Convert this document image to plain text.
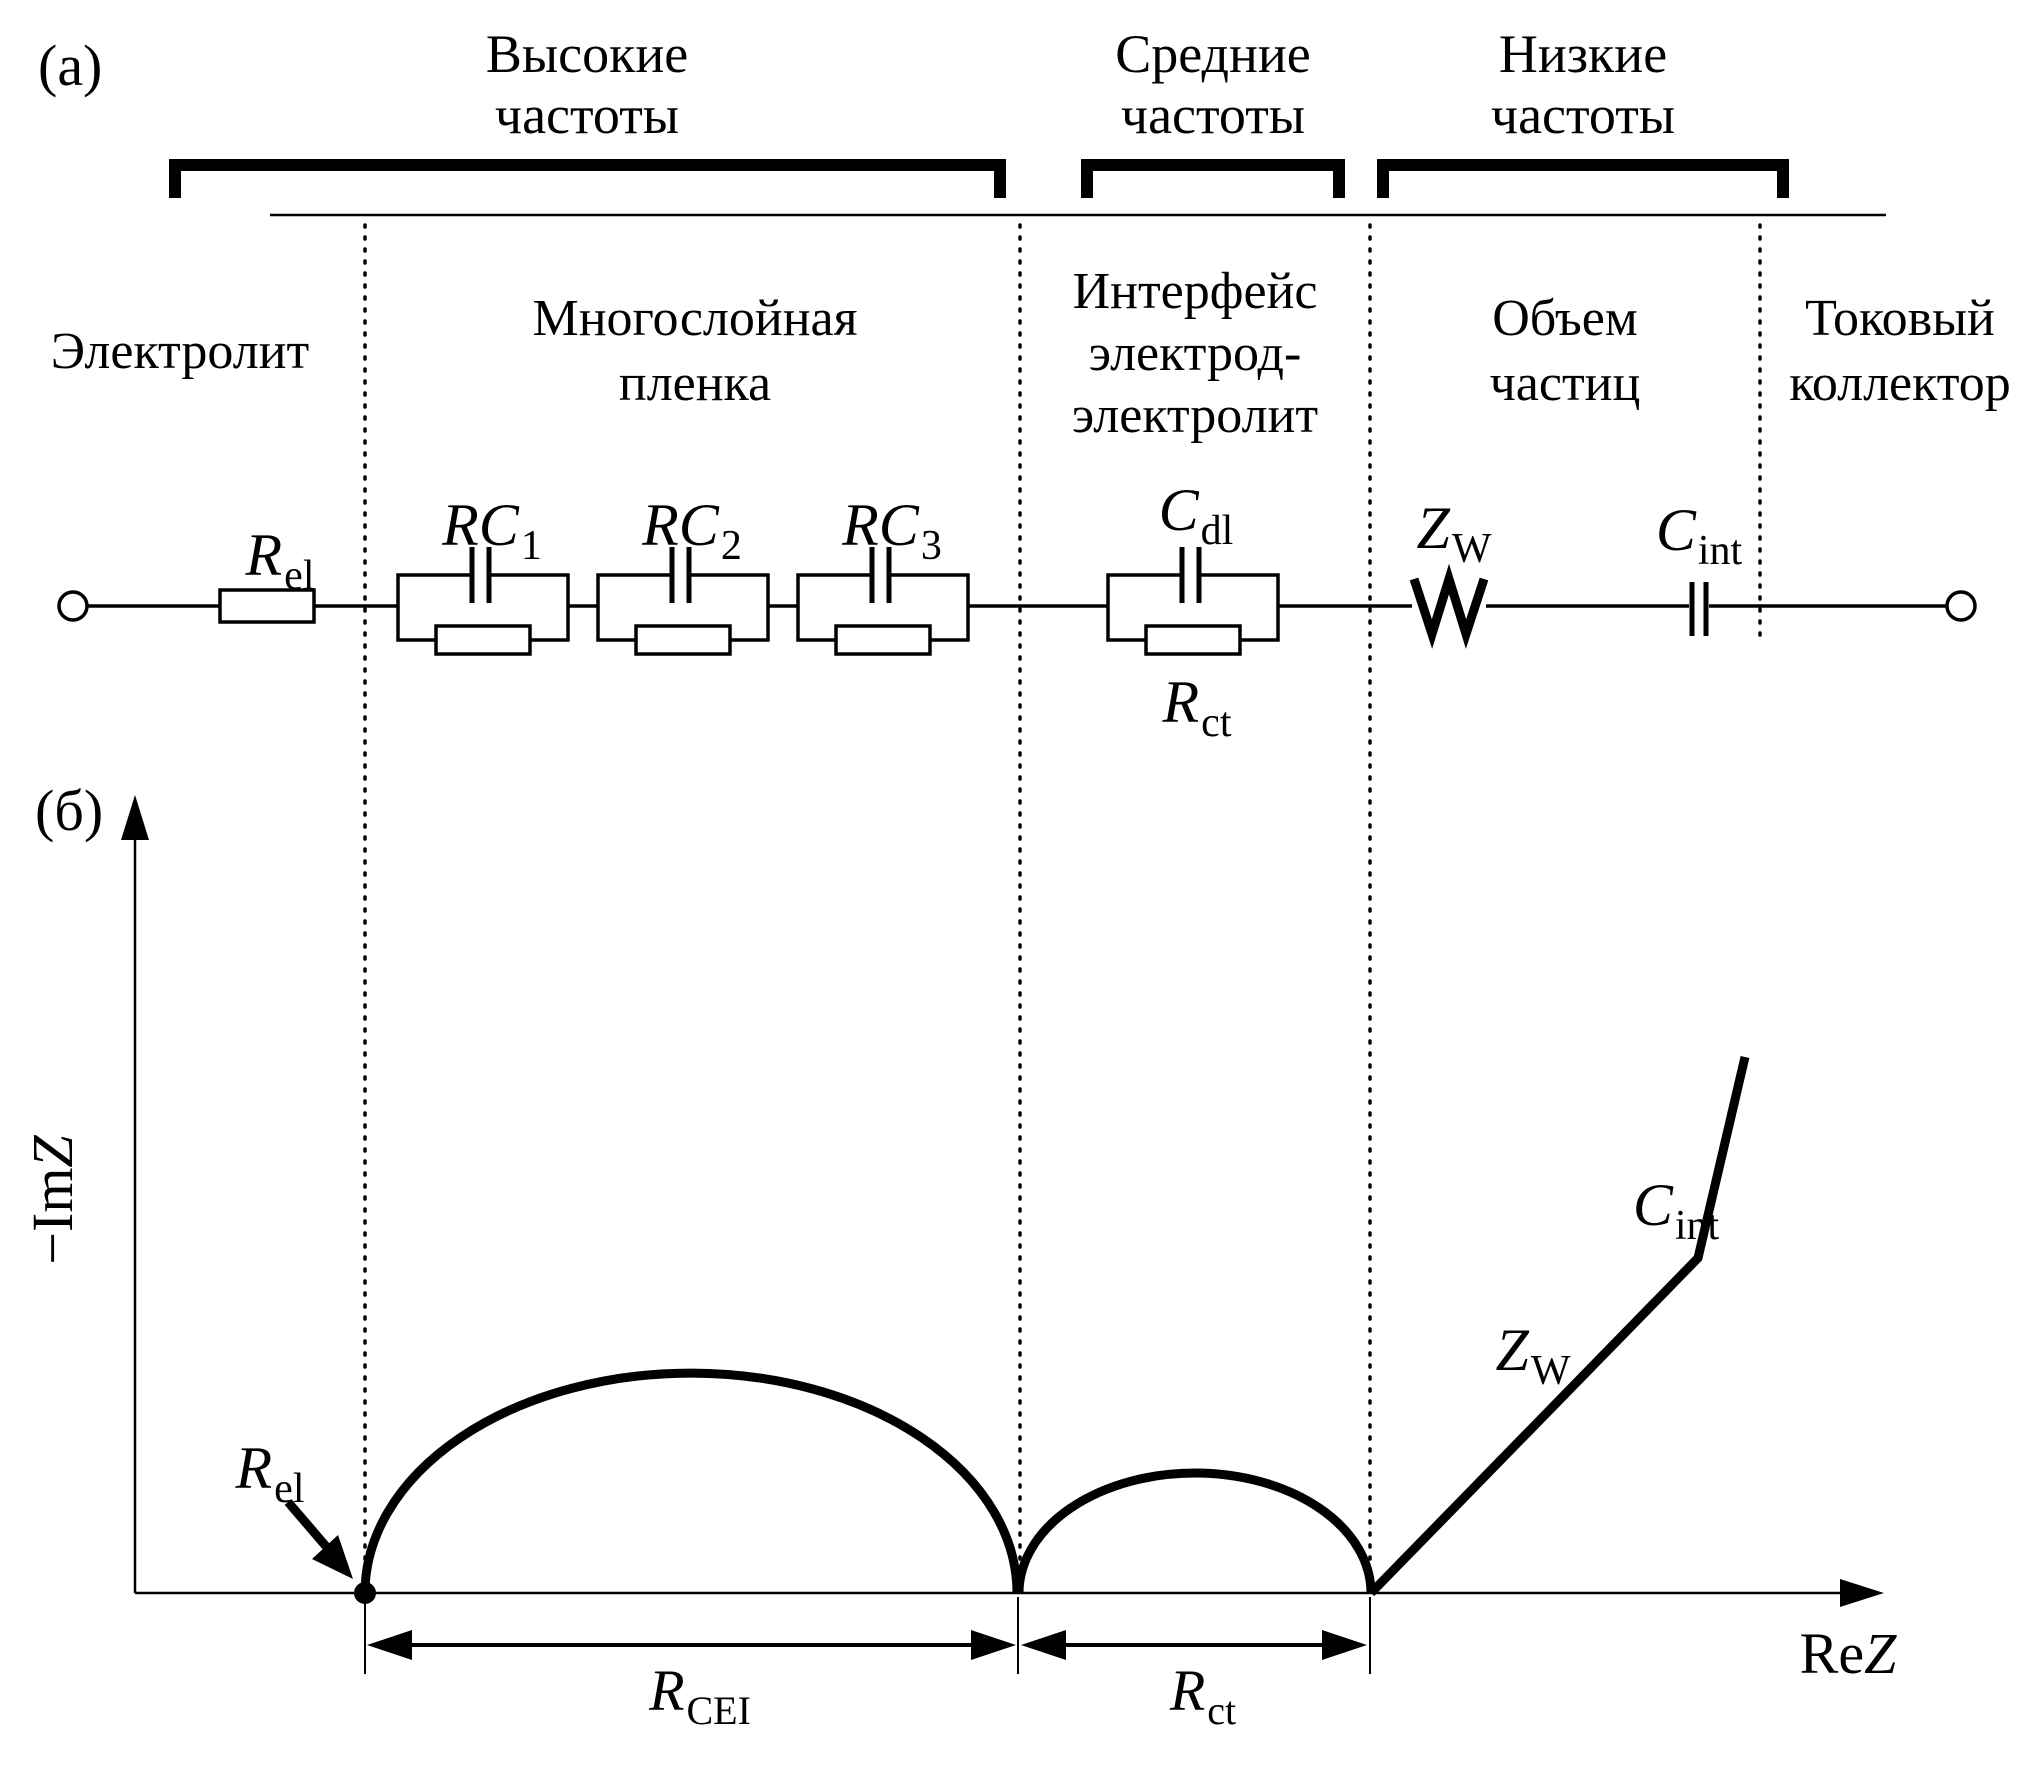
(а)	Высокие
частоты
Средние
частоты
Низкие
частоты
Электролит
Многослойная
пленка
Интерфейс
электрод-
электролит
Объем
частиц
Токовый
коллектор
$R_{el}$
$RC_1$ $RC_2$ $RC_3$
$C_{dl}$
$R_{ct}$
$Z_W$	$C_{int}$
(б)
−ImZ
ReZ
$R_{el}$
$Z_W$
$C_{int}$
$R_{CEI}$	$R_{ct}$
